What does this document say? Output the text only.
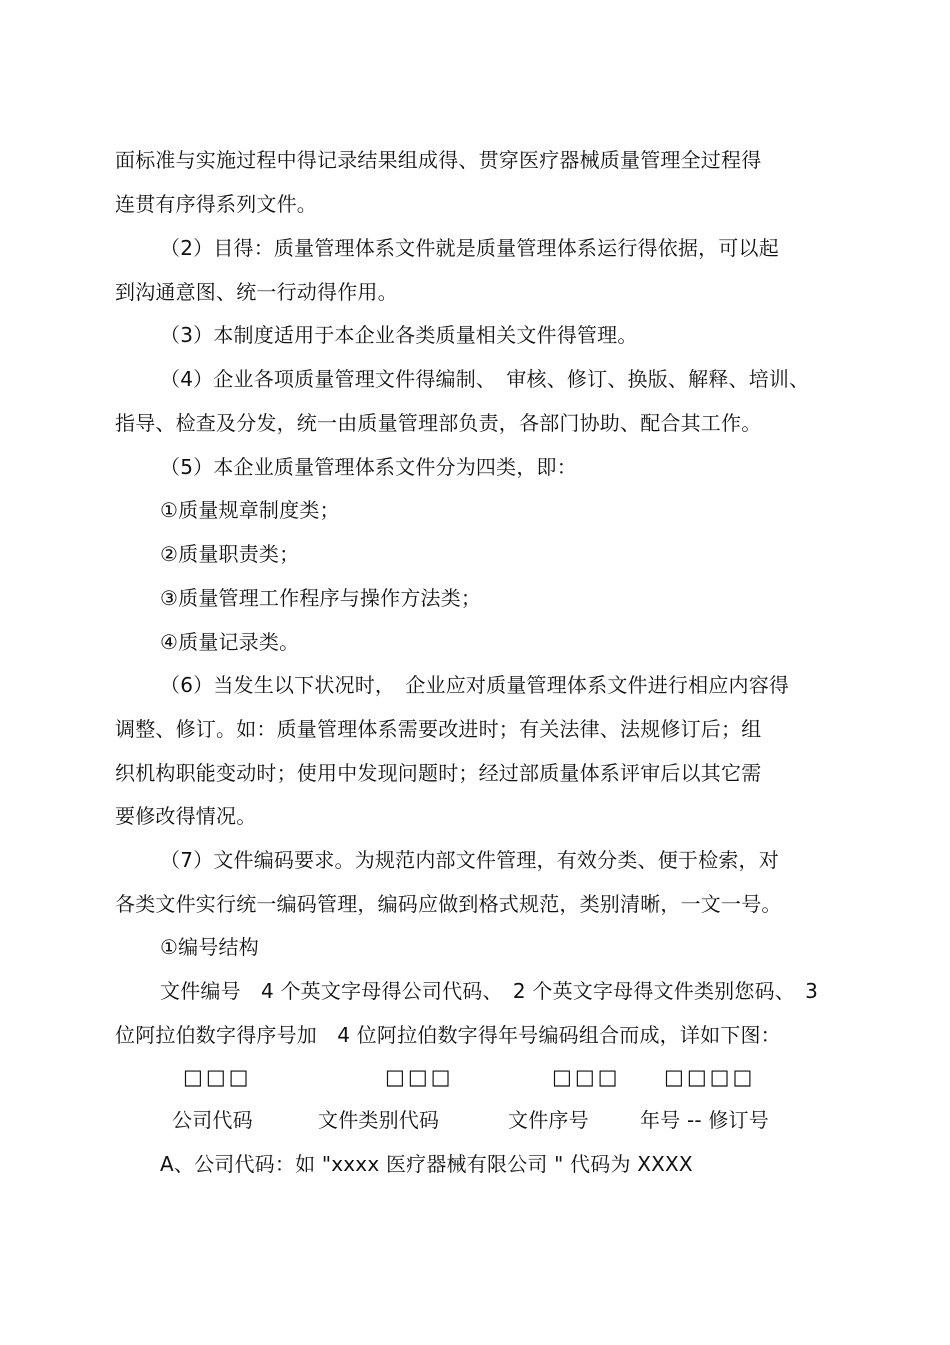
面标准与实施过程中得记录结果组成得、贯穿医疗器械质量管理全过程得
连贯有序得系列文件。
（2）目得：质量管理体系文件就是质量管理体系运行得依据，可以起
到沟通意图、统一行动得作用。
（3）本制度适用于本企业各类质量相关文件得管理。
（4）企业各项质量管理文件得编制、　审核、修订、换版、解释、培训、
指导、检查及分发，统一由质量管理部负责，各部门协助、配合其工作。
（5）本企业质量管理体系文件分为四类，即：
①质量规章制度类；
②质量职责类；
③质量管理工作程序与操作方法类；
④质量记录类。
（6）当发生以下状况时，　企业应对质量管理体系文件进行相应内容得
调整、修订。如：质量管理体系需要改进时；有关法律、法规修订后；组
织机构职能变动时；使用中发现问题时；经过部质量体系评审后以其它需
要修改得情况。
（7）文件编码要求。为规范内部文件管理，有效分类、便于检索，对
各类文件实行统一编码管理，编码应做到格式规范，类别清晰，一文一号。
①编号结构
文件编号　4 个英文字母得公司代码、　2 个英文字母得文件类别您码、　3
位阿拉伯数字得序号加　4 位阿拉伯数字得年号编码组合而成，详如下图：
□□□	□□□	□□□ □□□□
公司代码	文件类别代码	文件序号	年号 -- 修订号
A、公司代码：如 "xxxx 医疗器械有限公司 " 代码为 XXXX
